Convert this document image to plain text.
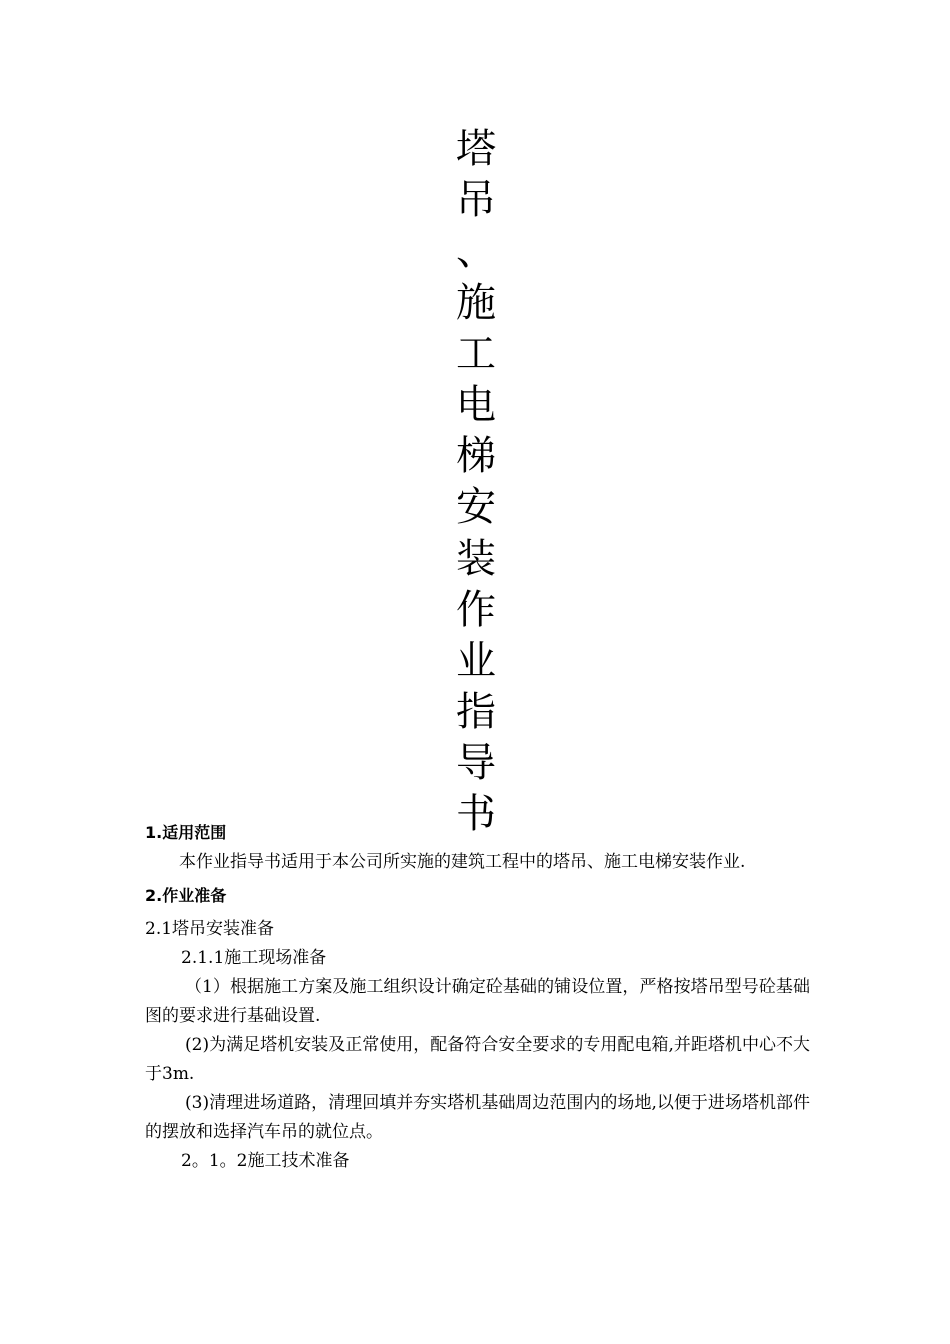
塔
吊
、
施
工
电
梯
安
装
作
业
指
导
书

1.适用范围

本作业指导书适用于本公司所实施的建筑工程中的塔吊、施工电梯安装作业.

2.作业准备

2.1塔吊安装准备

2.1.1施工现场准备

（1）根据施工方案及施工组织设计确定砼基础的铺设位置，严格按塔吊型号砼基础图的要求进行基础设置.

(2)为满足塔机安装及正常使用，配备符合安全要求的专用配电箱,并距塔机中心不大于3m.

(3)清理进场道路，清理回填并夯实塔机基础周边范围内的场地,以便于进场塔机部件的摆放和选择汽车吊的就位点。

2。1。2施工技术准备
